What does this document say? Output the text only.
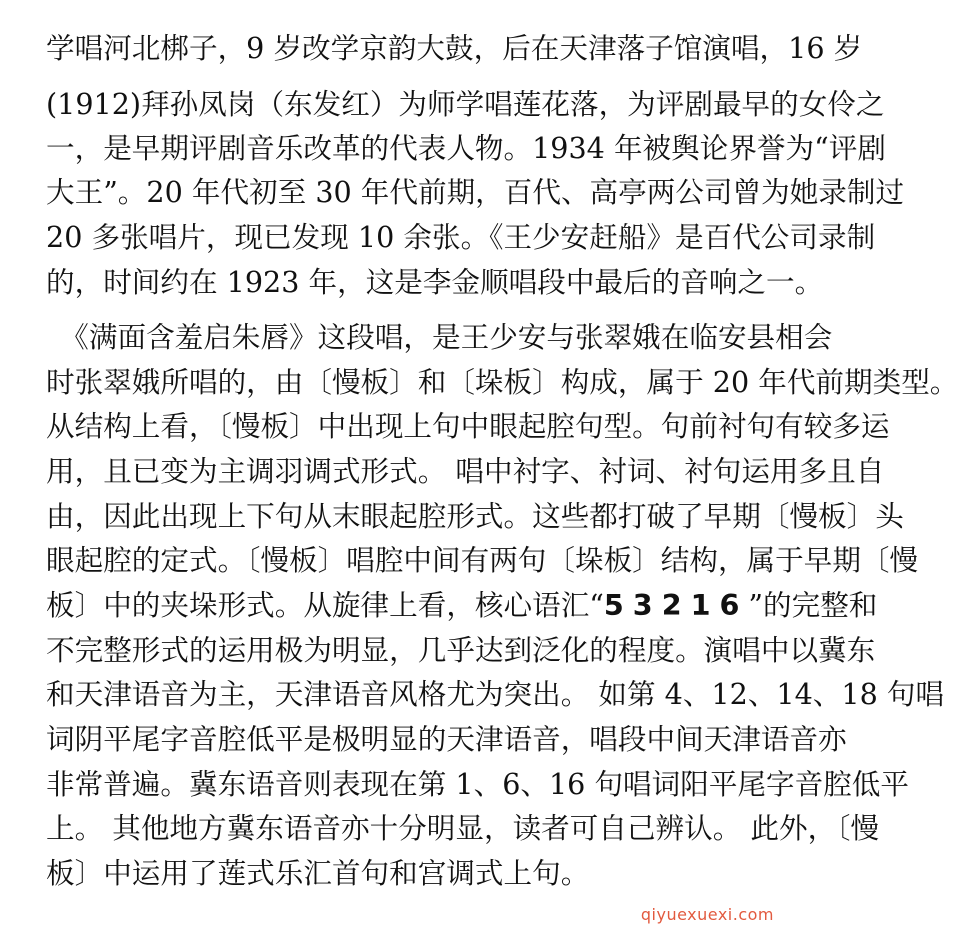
学唱河北梆子，9 岁改学京韵大鼓，后在天津落子馆演唱，16 岁
(1912)拜孙凤岗（东发红）为师学唱莲花落，为评剧最早的女伶之
一，是早期评剧音乐改革的代表人物。1934 年被舆论界誉为“评剧
大王”。20 年代初至 30 年代前期，百代、高亭两公司曾为她录制过
20 多张唱片，现已发现 10 余张。《王少安赶船》是百代公司录制
的，时间约在 1923 年，这是李金顺唱段中最后的音响之一。
　《满面含羞启朱唇》这段唱，是王少安与张翠娥在临安县相会
时张翠娥所唱的，由〔慢板〕和〔垛板〕构成，属于 20 年代前期类型。
从结构上看，〔慢板〕中出现上句中眼起腔句型。句前衬句有较多运
用，且已变为主调羽调式形式。 唱中衬字、衬词、衬句运用多且自
由，因此出现上下句从末眼起腔形式。这些都打破了早期〔慢板〕头
眼起腔的定式。〔慢板〕唱腔中间有两句〔垛板〕结构，属于早期〔慢
板〕中的夹垛形式。从旋律上看，核心语汇“53216”的完整和
不完整形式的运用极为明显，几乎达到泛化的程度。演唱中以冀东
和天津语音为主，天津语音风格尤为突出。 如第 4、12、14、18 句唱
词阴平尾字音腔低平是极明显的天津语音，唱段中间天津语音亦
非常普遍。冀东语音则表现在第 1、6、16 句唱词阳平尾字音腔低平
上。 其他地方冀东语音亦十分明显，读者可自己辨认。 此外，〔慢
板〕中运用了莲式乐汇首句和宫调式上句。
qiyuexuexi.com
